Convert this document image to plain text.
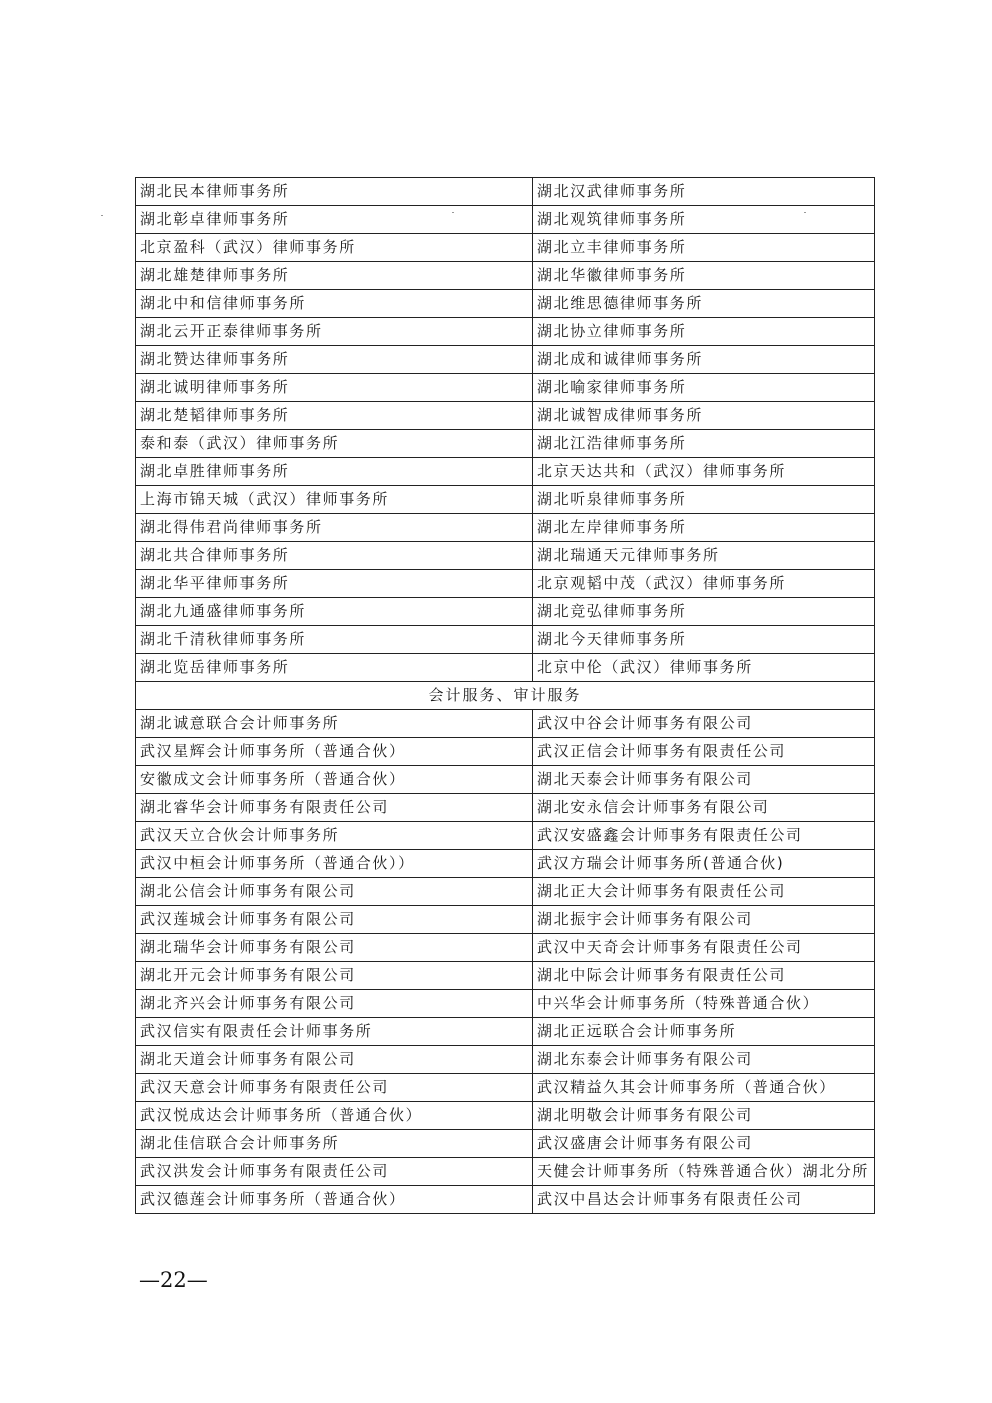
湖北民本律师事务所	湖北汉武律师事务所
湖北彰卓律师事务所	湖北观筑律师事务所
北京盈科（武汉）律师事务所	湖北立丰律师事务所
湖北雄楚律师事务所	湖北华徽律师事务所
湖北中和信律师事务所	湖北维思德律师事务所
湖北云开正泰律师事务所	湖北协立律师事务所
湖北赞达律师事务所	湖北成和诚律师事务所
湖北诚明律师事务所	湖北喻家律师事务所
湖北楚韬律师事务所	湖北诚智成律师事务所
泰和泰（武汉）律师事务所	湖北江浩律师事务所
湖北卓胜律师事务所	北京天达共和（武汉）律师事务所
上海市锦天城（武汉）律师事务所	湖北听泉律师事务所
湖北得伟君尚律师事务所	湖北左岸律师事务所
湖北共合律师事务所	湖北瑞通天元律师事务所
湖北华平律师事务所	北京观韬中茂（武汉）律师事务所
湖北九通盛律师事务所	湖北竞弘律师事务所
湖北千清秋律师事务所	湖北今天律师事务所
湖北览岳律师事务所	北京中伦（武汉）律师事务所
会计服务、审计服务	
湖北诚意联合会计师事务所	武汉中谷会计师事务有限公司
武汉星辉会计师事务所（普通合伙）	武汉正信会计师事务有限责任公司
安徽成文会计师事务所（普通合伙）	湖北天泰会计师事务有限公司
湖北睿华会计师事务有限责任公司	湖北安永信会计师事务有限公司
武汉天立合伙会计师事务所	武汉安盛鑫会计师事务有限责任公司
武汉中桓会计师事务所（普通合伙））	武汉方瑞会计师事务所(普通合伙)
湖北公信会计师事务有限公司	湖北正大会计师事务有限责任公司
武汉莲城会计师事务有限公司	湖北振宇会计师事务有限公司
湖北瑞华会计师事务有限公司	武汉中天奇会计师事务有限责任公司
湖北开元会计师事务有限公司	湖北中际会计师事务有限责任公司
湖北齐兴会计师事务有限公司	中兴华会计师事务所（特殊普通合伙）
武汉信实有限责任会计师事务所	湖北正远联合会计师事务所
湖北天道会计师事务有限公司	湖北东泰会计师事务有限公司
武汉天意会计师事务有限责任公司	武汉精益久其会计师事务所（普通合伙）
武汉悦成达会计师事务所（普通合伙）	湖北明敬会计师事务有限公司
湖北佳信联合会计师事务所	武汉盛唐会计师事务有限公司
武汉洪发会计师事务有限责任公司	天健会计师事务所（特殊普通合伙）湖北分所
武汉德莲会计师事务所（普通合伙）	武汉中昌达会计师事务有限责任公司
—22—
